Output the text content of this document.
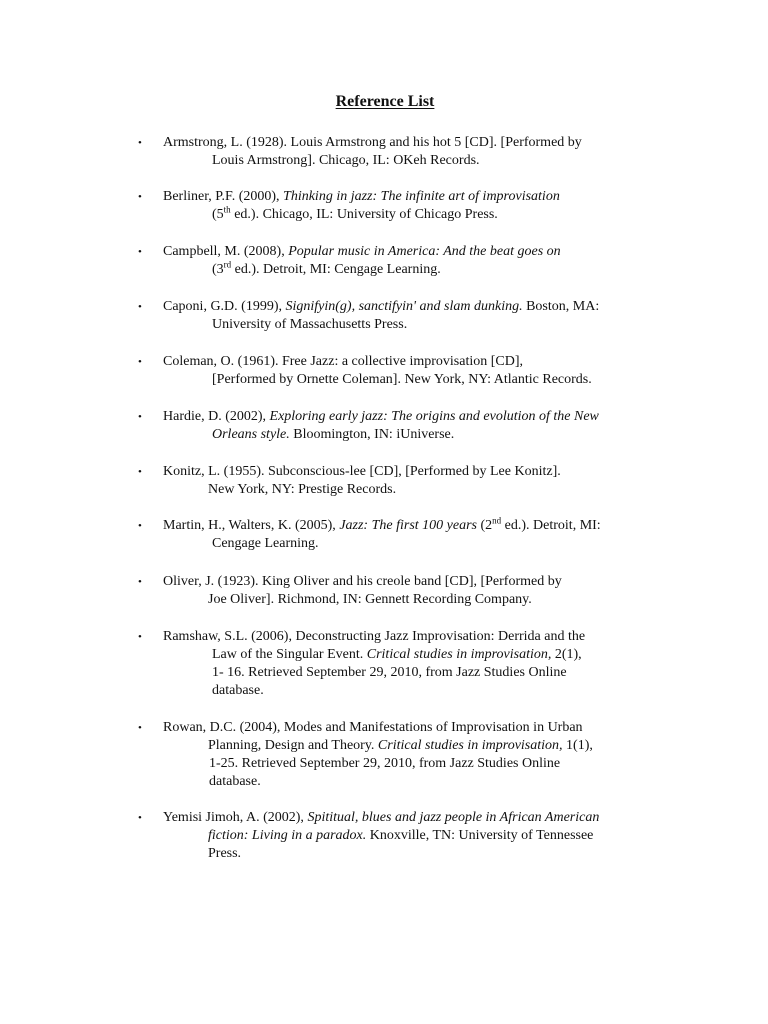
Reference List
• Armstrong, L. (1928). Louis Armstrong and his hot 5 [CD]. [Performed by
Louis Armstrong]. Chicago, IL: OKeh Records.
• Berliner, P.F. (2000), Thinking in jazz: The infinite art of improvisation
(5th ed.). Chicago, IL: University of Chicago Press.
• Campbell, M. (2008), Popular music in America: And the beat goes on
(3rd ed.). Detroit, MI: Cengage Learning.
• Caponi, G.D. (1999), Signifyin(g), sanctifyin' and slam dunking. Boston, MA:
University of Massachusetts Press.
• Coleman, O. (1961). Free Jazz: a collective improvisation [CD],
[Performed by Ornette Coleman]. New York, NY: Atlantic Records.
• Hardie, D. (2002), Exploring early jazz: The origins and evolution of the New
Orleans style. Bloomington, IN: iUniverse.
• Konitz, L. (1955). Subconscious-lee [CD], [Performed by Lee Konitz].
New York, NY: Prestige Records.
• Martin, H., Walters, K. (2005), Jazz: The first 100 years (2nd ed.). Detroit, MI:
Cengage Learning.
• Oliver, J. (1923). King Oliver and his creole band [CD], [Performed by
Joe Oliver]. Richmond, IN: Gennett Recording Company.
• Ramshaw, S.L. (2006), Deconstructing Jazz Improvisation: Derrida and the
Law of the Singular Event. Critical studies in improvisation, 2(1),
1- 16. Retrieved September 29, 2010, from Jazz Studies Online
database.
• Rowan, D.C. (2004), Modes and Manifestations of Improvisation in Urban
Planning, Design and Theory. Critical studies in improvisation, 1(1),
1-25. Retrieved September 29, 2010, from Jazz Studies Online
database.
• Yemisi Jimoh, A. (2002), Spititual, blues and jazz people in African American
fiction: Living in a paradox. Knoxville, TN: University of Tennessee
Press.
